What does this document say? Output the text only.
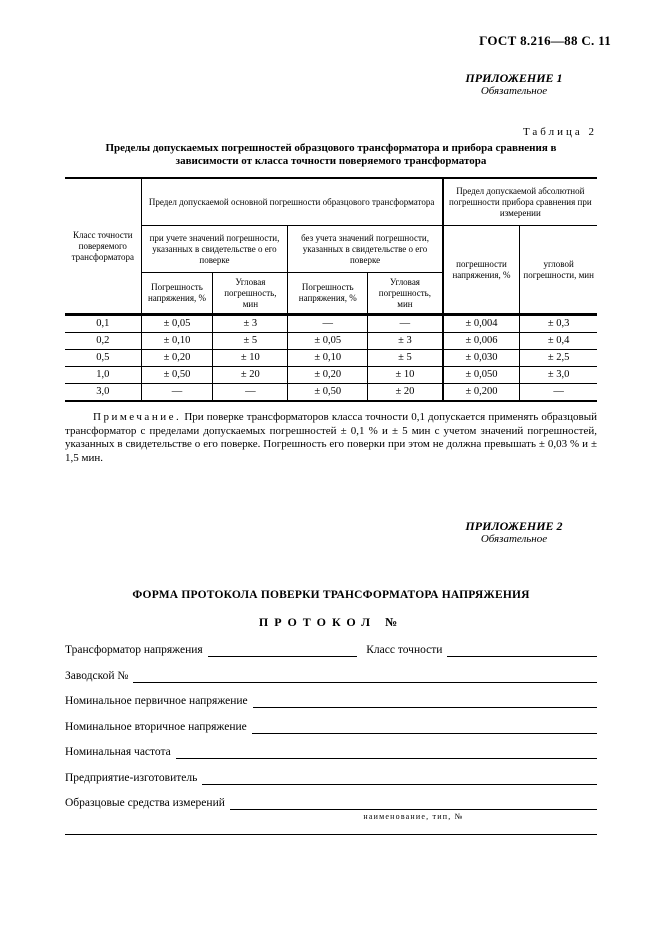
ГОСТ 8.216—88 С. 11
ПРИЛОЖЕНИЕ 1
Обязательное
Таблица 2
Пределы допускаемых погрешностей образцового трансформатора и прибора сравнения в зависимости от класса точности поверяемого трансформатора
Класс точности поверяемого трансформатора	Предел допускаемой основной погрешности образцового трансформатора				Предел допускаемой абсолютной погрешности прибора сравнения при измерении	
	при учете значений погрешности, указанных в свидетельстве о его поверке		без учета значений погрешности, указанных в свидетельстве о его поверке		погрешности напряжения, %	угловой погрешности, мин
	Погрешность напряжения, %	Угловая погрешность, мин	Погрешность напряжения, %	Угловая погрешность, мин		
0,1	± 0,05	± 3	—	—	± 0,004	± 0,3
0,2	± 0,10	± 5	± 0,05	± 3	± 0,006	± 0,4
0,5	± 0,20	± 10	± 0,10	± 5	± 0,030	± 2,5
1,0	± 0,50	± 20	± 0,20	± 10	± 0,050	± 3,0
3,0	—	—	± 0,50	± 20	± 0,200	—
Примечание. При поверке трансформаторов класса точности 0,1 допускается применять образцовый трансформатор с пределами допускаемых погрешностей ± 0,1 % и ± 5 мин с учетом значений погрешностей, указанных в свидетельстве о его поверке. Погрешность его поверки при этом не должна превышать ± 0,03 % и ± 1,5 мин.
ПРИЛОЖЕНИЕ 2
Обязательное
ФОРМА ПРОТОКОЛА ПОВЕРКИ ТРАНСФОРМАТОРА НАПРЯЖЕНИЯ
ПРОТОКОЛ №
Трансформатор напряжения	Класс точности
Заводской №
Номинальное первичное напряжение
Номинальное вторичное напряжение
Номинальная частота
Предприятие-изготовитель
Образцовые средства измерений
наименование, тип, №
